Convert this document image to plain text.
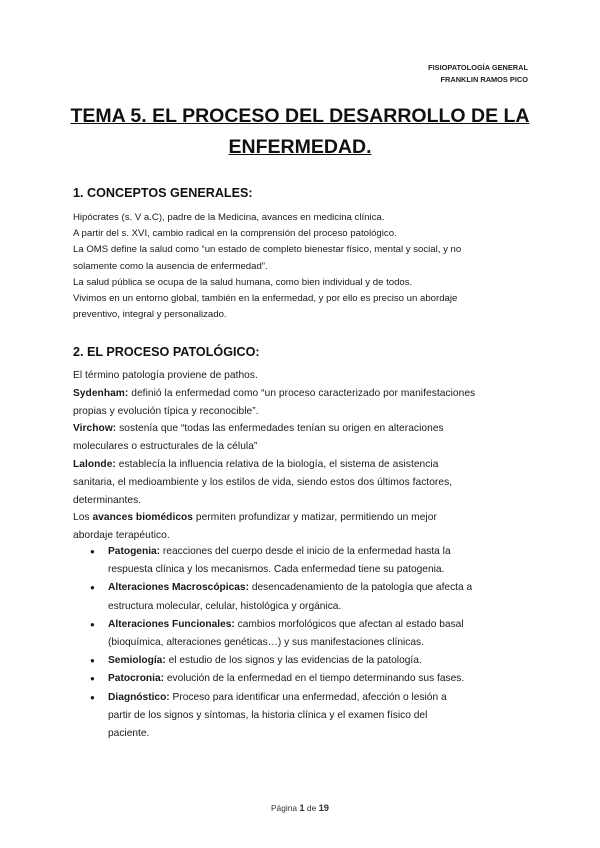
FISIOPATOLOGÍA GENERAL
FRANKLIN RAMOS PICO
TEMA 5. EL PROCESO DEL DESARROLLO DE LA
ENFERMEDAD.
1. CONCEPTOS GENERALES:

Hipócrates (s. V a.C), padre de la Medicina, avances en medicina clínica.

A partir del s. XVI, cambio radical en la comprensión del proceso patológico.

La OMS define la salud como “un estado de completo bienestar físico, mental y social, y no

solamente como la ausencia de enfermedad”.

La salud pública se ocupa de la salud humana, como bien individual y de todos.

Vivimos en un entorno global, también en la enfermedad, y por ello es preciso un abordaje

preventivo, integral y personalizado.

2. EL PROCESO PATOLÓGICO:

El término patología proviene de pathos.

Sydenham: definió la enfermedad como “un proceso caracterizado por manifestaciones

propias y evolución típica y reconocible”.

Virchow: sostenía que “todas las enfermedades tenían su origen en alteraciones

moleculares o estructurales de la célula”

Lalonde: establecía la influencia relativa de la biología, el sistema de asistencia

sanitaria, el medioambiente y los estilos de vida, siendo estos dos últimos factores,

determinantes.

Los avances biomédicos permiten profundizar y matizar, permitiendo un mejor

abordaje terapéutico.

● Patogenia: reacciones del cuerpo desde el inicio de la enfermedad hasta la

respuesta clínica y los mecanismos. Cada enfermedad tiene su patogenia.

● Alteraciones Macroscópicas: desencadenamiento de la patología que afecta a

estructura molecular, celular, histológica y orgánica.

● Alteraciones Funcionales: cambios morfológicos que afectan al estado basal

(bioquímica, alteraciones genéticas…) y sus manifestaciones clínicas.

● Semiología: el estudio de los signos y las evidencias de la patología.

● Patocronia: evolución de la enfermedad en el tiempo determinando sus fases.

● Diagnóstico: Proceso para identificar una enfermedad, afección o lesión a

partir de los signos y síntomas, la historia clínica y el examen físico del

paciente.

Página 1 de 19
